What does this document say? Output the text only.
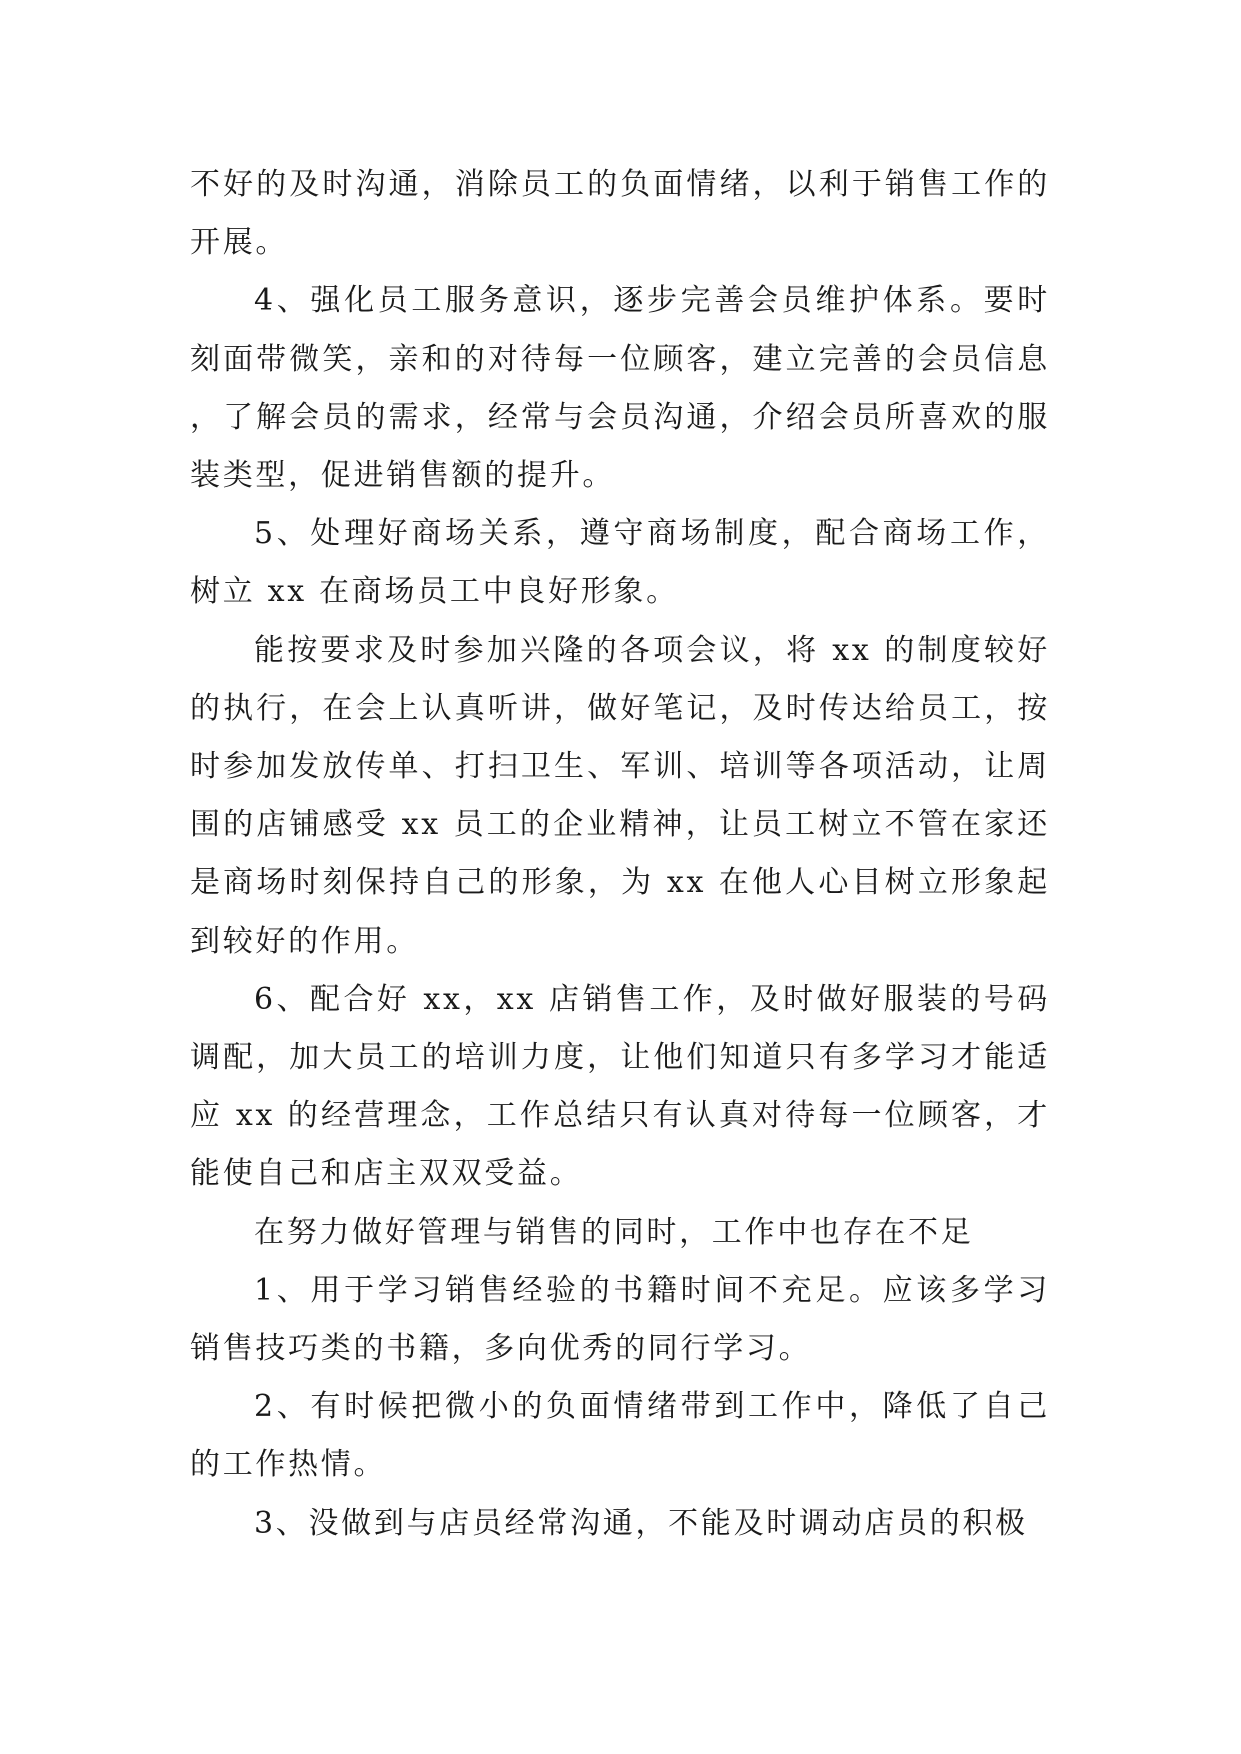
不好的及时沟通，消除员工的负面情绪，以利于销售工作的开展。

4、强化员工服务意识，逐步完善会员维护体系。要时刻面带微笑，亲和的对待每一位顾客，建立完善的会员信息，了解会员的需求，经常与会员沟通，介绍会员所喜欢的服装类型，促进销售额的提升。

5、处理好商场关系，遵守商场制度，配合商场工作，树立 xx 在商场员工中良好形象。

能按要求及时参加兴隆的各项会议，将 xx 的制度较好的执行，在会上认真听讲，做好笔记，及时传达给员工，按时参加发放传单、打扫卫生、军训、培训等各项活动，让周围的店铺感受 xx 员工的企业精神，让员工树立不管在家还是商场时刻保持自己的形象，为 xx 在他人心目树立形象起到较好的作用。

6、配合好 xx，xx 店销售工作，及时做好服装的号码调配，加大员工的培训力度，让他们知道只有多学习才能适应 xx 的经营理念，工作总结只有认真对待每一位顾客，才能使自己和店主双双受益。

在努力做好管理与销售的同时，工作中也存在不足

1、用于学习销售经验的书籍时间不充足。应该多学习销售技巧类的书籍，多向优秀的同行学习。

2、有时候把微小的负面情绪带到工作中，降低了自己的工作热情。

3、没做到与店员经常沟通，不能及时调动店员的积极
